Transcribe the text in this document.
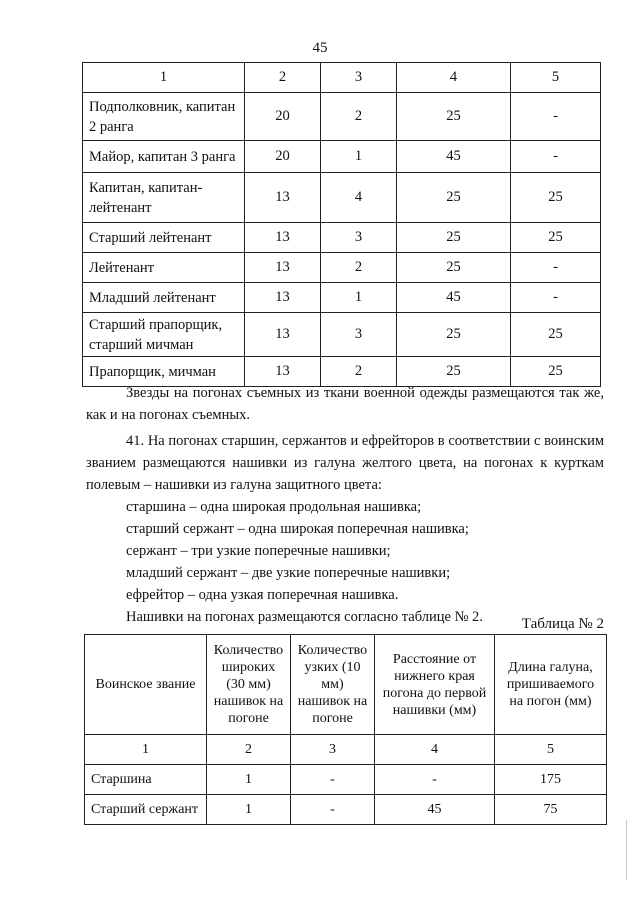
45
1	2	3	4	5
Подполковник, капитан 2 ранга	20	2	25	-
Майор, капитан 3 ранга	20	1	45	-
Капитан, капитан-лейтенант	13	4	25	25
Старший лейтенант	13	3	25	25
Лейтенант	13	2	25	-
Младший лейтенант	13	1	45	-
Старший прапорщик, старший мичман	13	3	25	25
Прапорщик, мичман	13	2	25	25

Звезды на погонах съемных из ткани военной одежды размещаются так же, как и на погонах съемных.

41. На погонах старшин, сержантов и ефрейторов в соответствии с воинским званием размещаются нашивки из галуна желтого цвета, на погонах к курткам полевым – нашивки из галуна защитного цвета:

старшина – одна широкая продольная нашивка;
старший сержант – одна широкая поперечная нашивка;
сержант – три узкие поперечные нашивки;
младший сержант – две узкие поперечные нашивки;
ефрейтор – одна узкая поперечная нашивка.
Нашивки на погонах размещаются согласно таблице № 2.	Таблица № 2
Воинское звание	Количество широких (30 мм) нашивок на погоне	Количество узких (10 мм) нашивок на погоне	Расстояние от нижнего края погона до первой нашивки (мм)	Длина галуна, пришиваемого на погон (мм)
1	2	3	4	5
Старшина	1	-	-	175
Старший сержант	1	-	45	75
